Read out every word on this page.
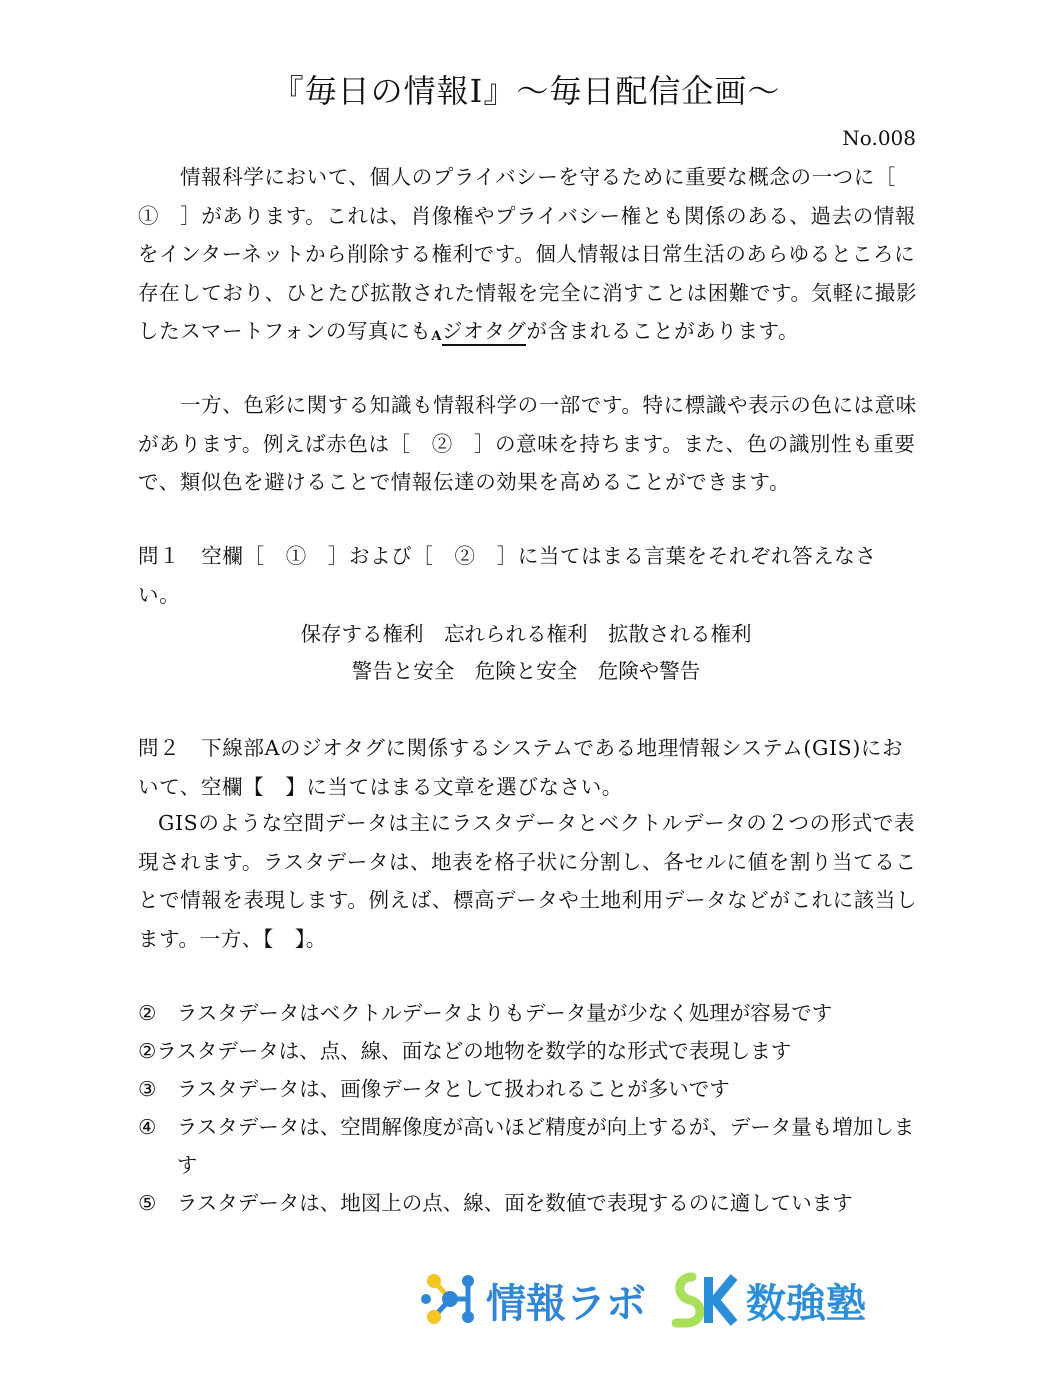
『毎日の情報Ⅰ』〜毎日配信企画〜
No.008
情報科学において、個人のプライバシーを守るために重要な概念の一つに［　①　］があります。これは、肖像権やプライバシー権とも関係のある、過去の情報をインターネットから削除する権利です。個人情報は日常生活のあらゆるところに存在しており、ひとたび拡散された情報を完全に消すことは困難です。気軽に撮影したスマートフォンの写真にもAジオタグが含まれることがあります。
一方、色彩に関する知識も情報科学の一部です。特に標識や表示の色には意味があります。例えば赤色は［　②　］の意味を持ちます。また、色の識別性も重要で、類似色を避けることで情報伝達の効果を高めることができます。
問１　空欄［　①　］および［　②　］に当てはまる言葉をそれぞれ答えなさい。
保存する権利　忘れられる権利　拡散される権利
警告と安全　危険と安全　危険や警告
問２　下線部Aのジオタグに関係するシステムである地理情報システム(GIS)において、空欄【　】に当てはまる文章を選びなさい。
GISのような空間データは主にラスタデータとベクトルデータの２つの形式で表現されます。ラスタデータは、地表を格子状に分割し、各セルに値を割り当てることで情報を表現します。例えば、標高データや土地利用データなどがこれに該当します。一方、【　】。
②　 ラスタデータはベクトルデータよりもデータ量が少なく処理が容易です
② ラスタデータは、点、線、面などの地物を数学的な形式で表現します
③　 ラスタデータは、画像データとして扱われることが多いです
④　 ラスタデータは、空間解像度が高いほど精度が向上するが、データ量も増加します
⑤　 ラスタデータは、地図上の点、線、面を数値で表現するのに適しています
情報ラボ	数強塾
